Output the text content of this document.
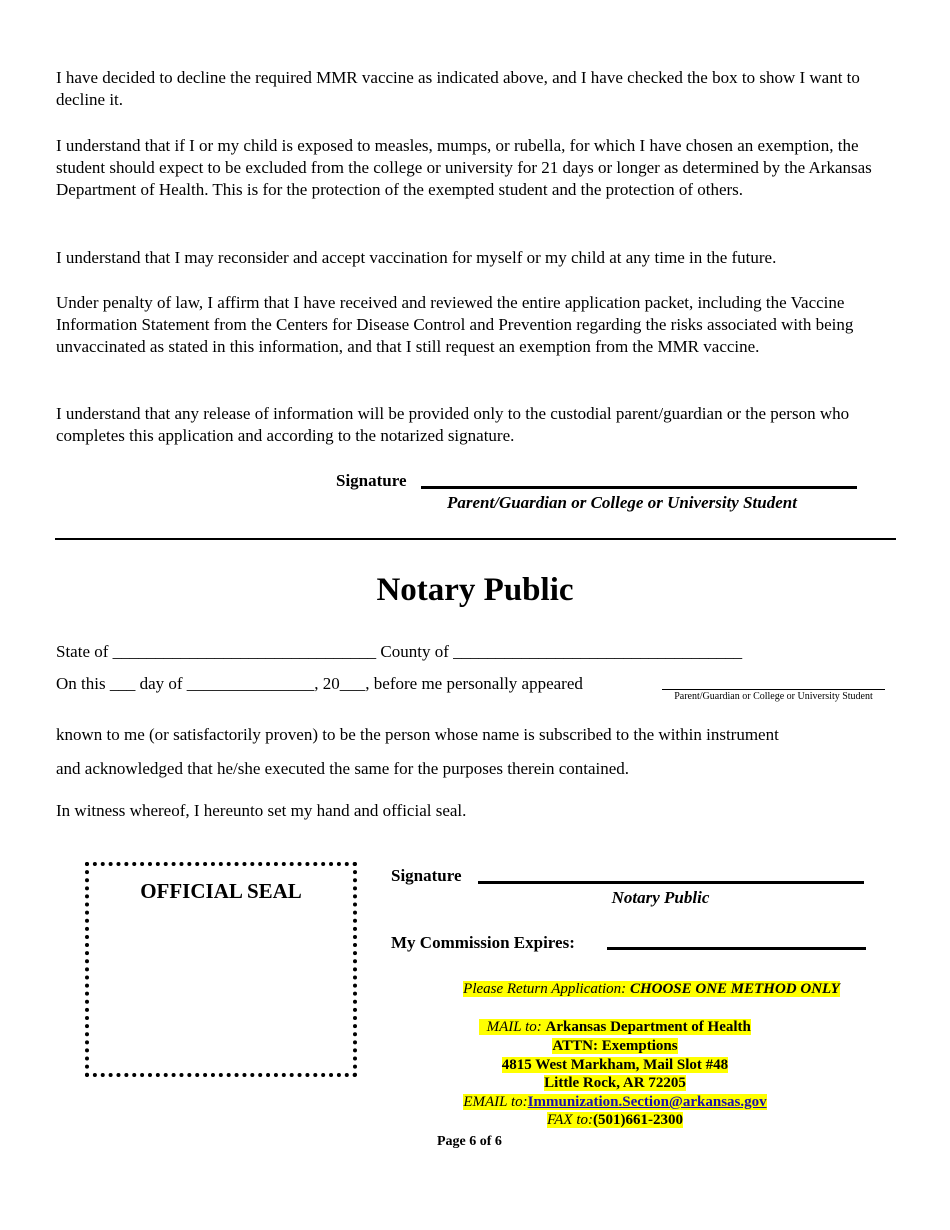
I have decided to decline the required MMR vaccine as indicated above, and I have checked the box to show I want to decline it.

I understand that if I or my child is exposed to measles, mumps, or rubella, for which I have chosen an exemption, the student should expect to be excluded from the college or university for 21 days or longer as determined by the Arkansas Department of Health. This is for the protection of the exempted student and the protection of others.

I understand that I may reconsider and accept vaccination for myself or my child at any time in the future.

Under penalty of law, I affirm that I have received and reviewed the entire application packet, including the Vaccine Information Statement from the Centers for Disease Control and Prevention regarding the risks associated with being unvaccinated as stated in this information, and that I still request an exemption from the MMR vaccine.

I understand that any release of information will be provided only to the custodial parent/guardian or the person who completes this application and according to the notarized signature.

Signature
Parent/Guardian or College or University Student
Notary Public
State of _______________________________ County of __________________________________
On this ___ day of _______________, 20___, before me personally appeared
Parent/Guardian or College or University Student
known to me (or satisfactorily proven) to be the person whose name is subscribed to the within instrument
and acknowledged that he/she executed the same for the purposes therein contained.
In witness whereof, I hereunto set my hand and official seal.
OFFICIAL SEAL
Signature
Notary Public
My Commission Expires:
Please Return Application: CHOOSE ONE METHOD ONLY
MAIL to: Arkansas Department of Health
ATTN: Exemptions
4815 West Markham, Mail Slot #48
Little Rock, AR 72205
EMAIL to:Immunization.Section@arkansas.gov
FAX to:(501)661-2300
Page 6 of 6
